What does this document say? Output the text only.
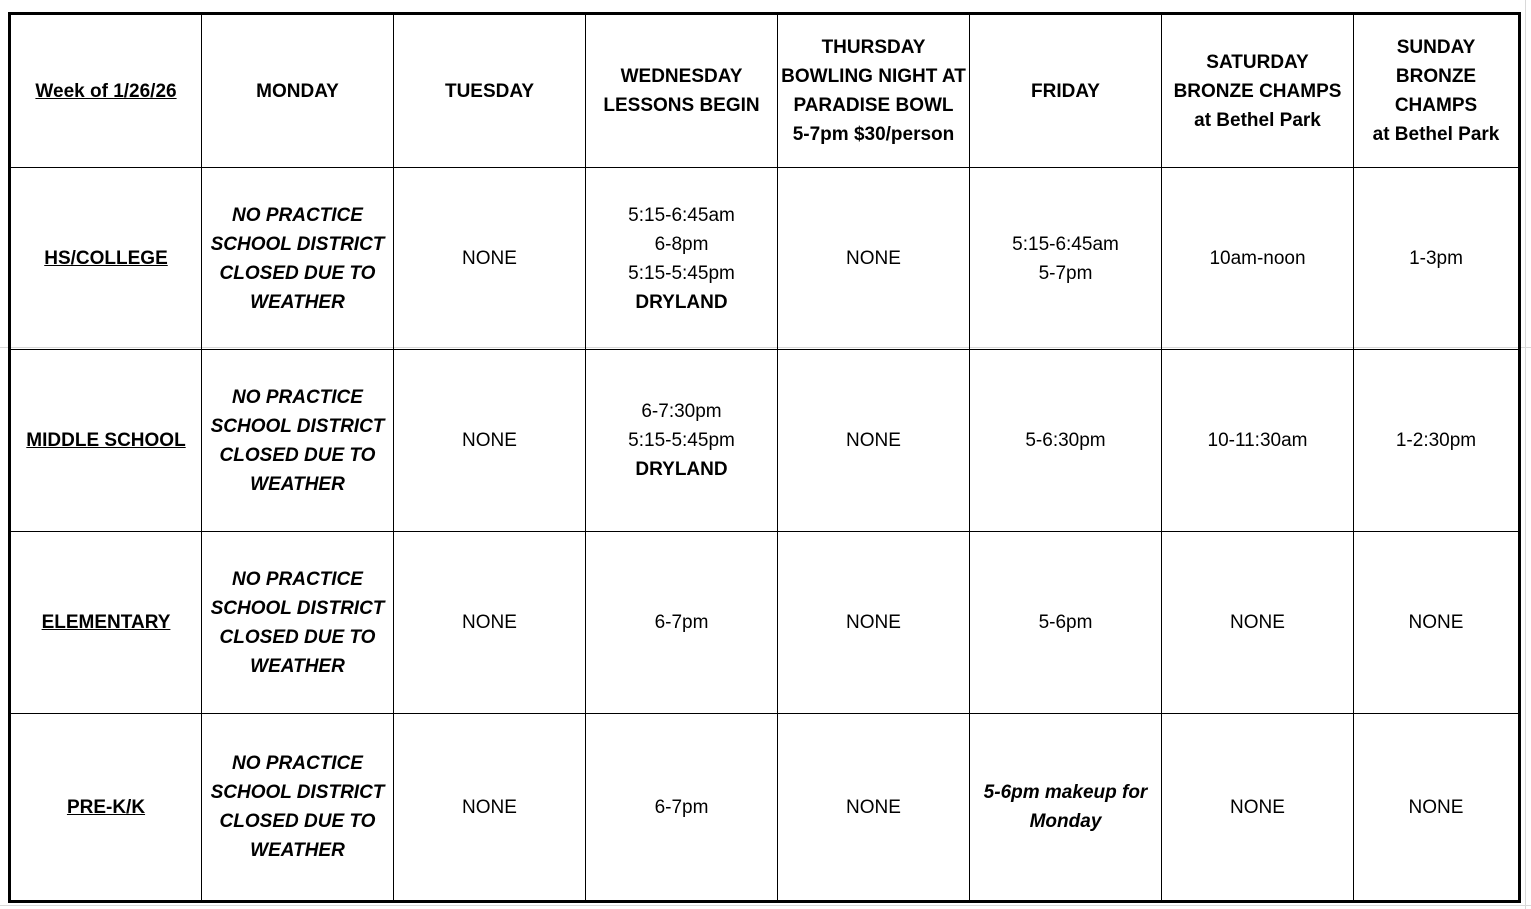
Week of 1/26/26	MONDAY	TUESDAY	WEDNESDAY
LESSONS BEGIN	THURSDAY
BOWLING NIGHT AT
PARADISE BOWL
5-7pm $30/person	FRIDAY	SATURDAY
BRONZE CHAMPS
at Bethel Park	SUNDAY
BRONZE CHAMPS
at Bethel Park

HS/COLLEGE	NO PRACTICE
SCHOOL DISTRICT
CLOSED DUE TO
WEATHER	NONE	5:15-6:45am
6-8pm
5:15-5:45pm
DRYLAND	NONE	5:15-6:45am
5-7pm	10am-noon	1-3pm
MIDDLE SCHOOL	NO PRACTICE
SCHOOL DISTRICT
CLOSED DUE TO
WEATHER	NONE	6-7:30pm
5:15-5:45pm
DRYLAND	NONE	5-6:30pm	10-11:30am	1-2:30pm
ELEMENTARY	NO PRACTICE
SCHOOL DISTRICT
CLOSED DUE TO
WEATHER	NONE	6-7pm	NONE	5-6pm	NONE	NONE
PRE-K/K	NO PRACTICE
SCHOOL DISTRICT
CLOSED DUE TO
WEATHER	NONE	6-7pm	NONE	5-6pm makeup for
Monday	NONE	NONE
